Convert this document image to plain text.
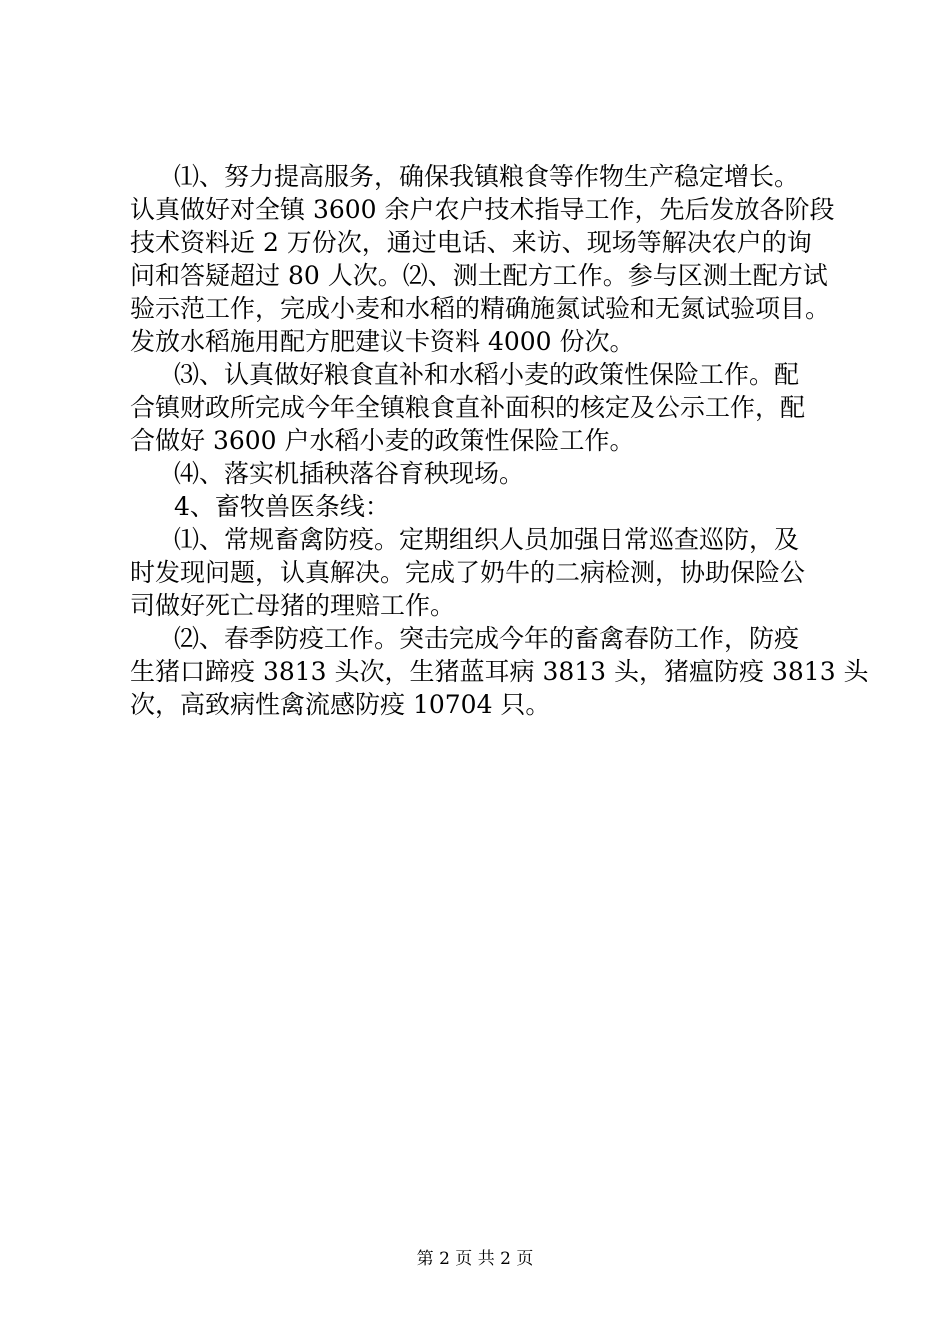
⑴、努力提高服务，确保我镇粮食等作物生产稳定增长。
认真做好对全镇 3600 余户农户技术指导工作，先后发放各阶段
技术资料近 2 万份次，通过电话、来访、现场等解决农户的询
问和答疑超过 80 人次。⑵、测土配方工作。参与区测土配方试
验示范工作，完成小麦和水稻的精确施氮试验和无氮试验项目。
发放水稻施用配方肥建议卡资料 4000 份次。
⑶、认真做好粮食直补和水稻小麦的政策性保险工作。配
合镇财政所完成今年全镇粮食直补面积的核定及公示工作，配
合做好 3600 户水稻小麦的政策性保险工作。
⑷、落实机插秧落谷育秧现场。
4、畜牧兽医条线：
⑴、常规畜禽防疫。定期组织人员加强日常巡查巡防，及
时发现问题，认真解决。完成了奶牛的二病检测，协助保险公
司做好死亡母猪的理赔工作。
⑵、春季防疫工作。突击完成今年的畜禽春防工作，防疫
生猪口蹄疫 3813 头次，生猪蓝耳病 3813 头，猪瘟防疫 3813 头
次，高致病性禽流感防疫 10704 只。
第 2 页 共 2 页
